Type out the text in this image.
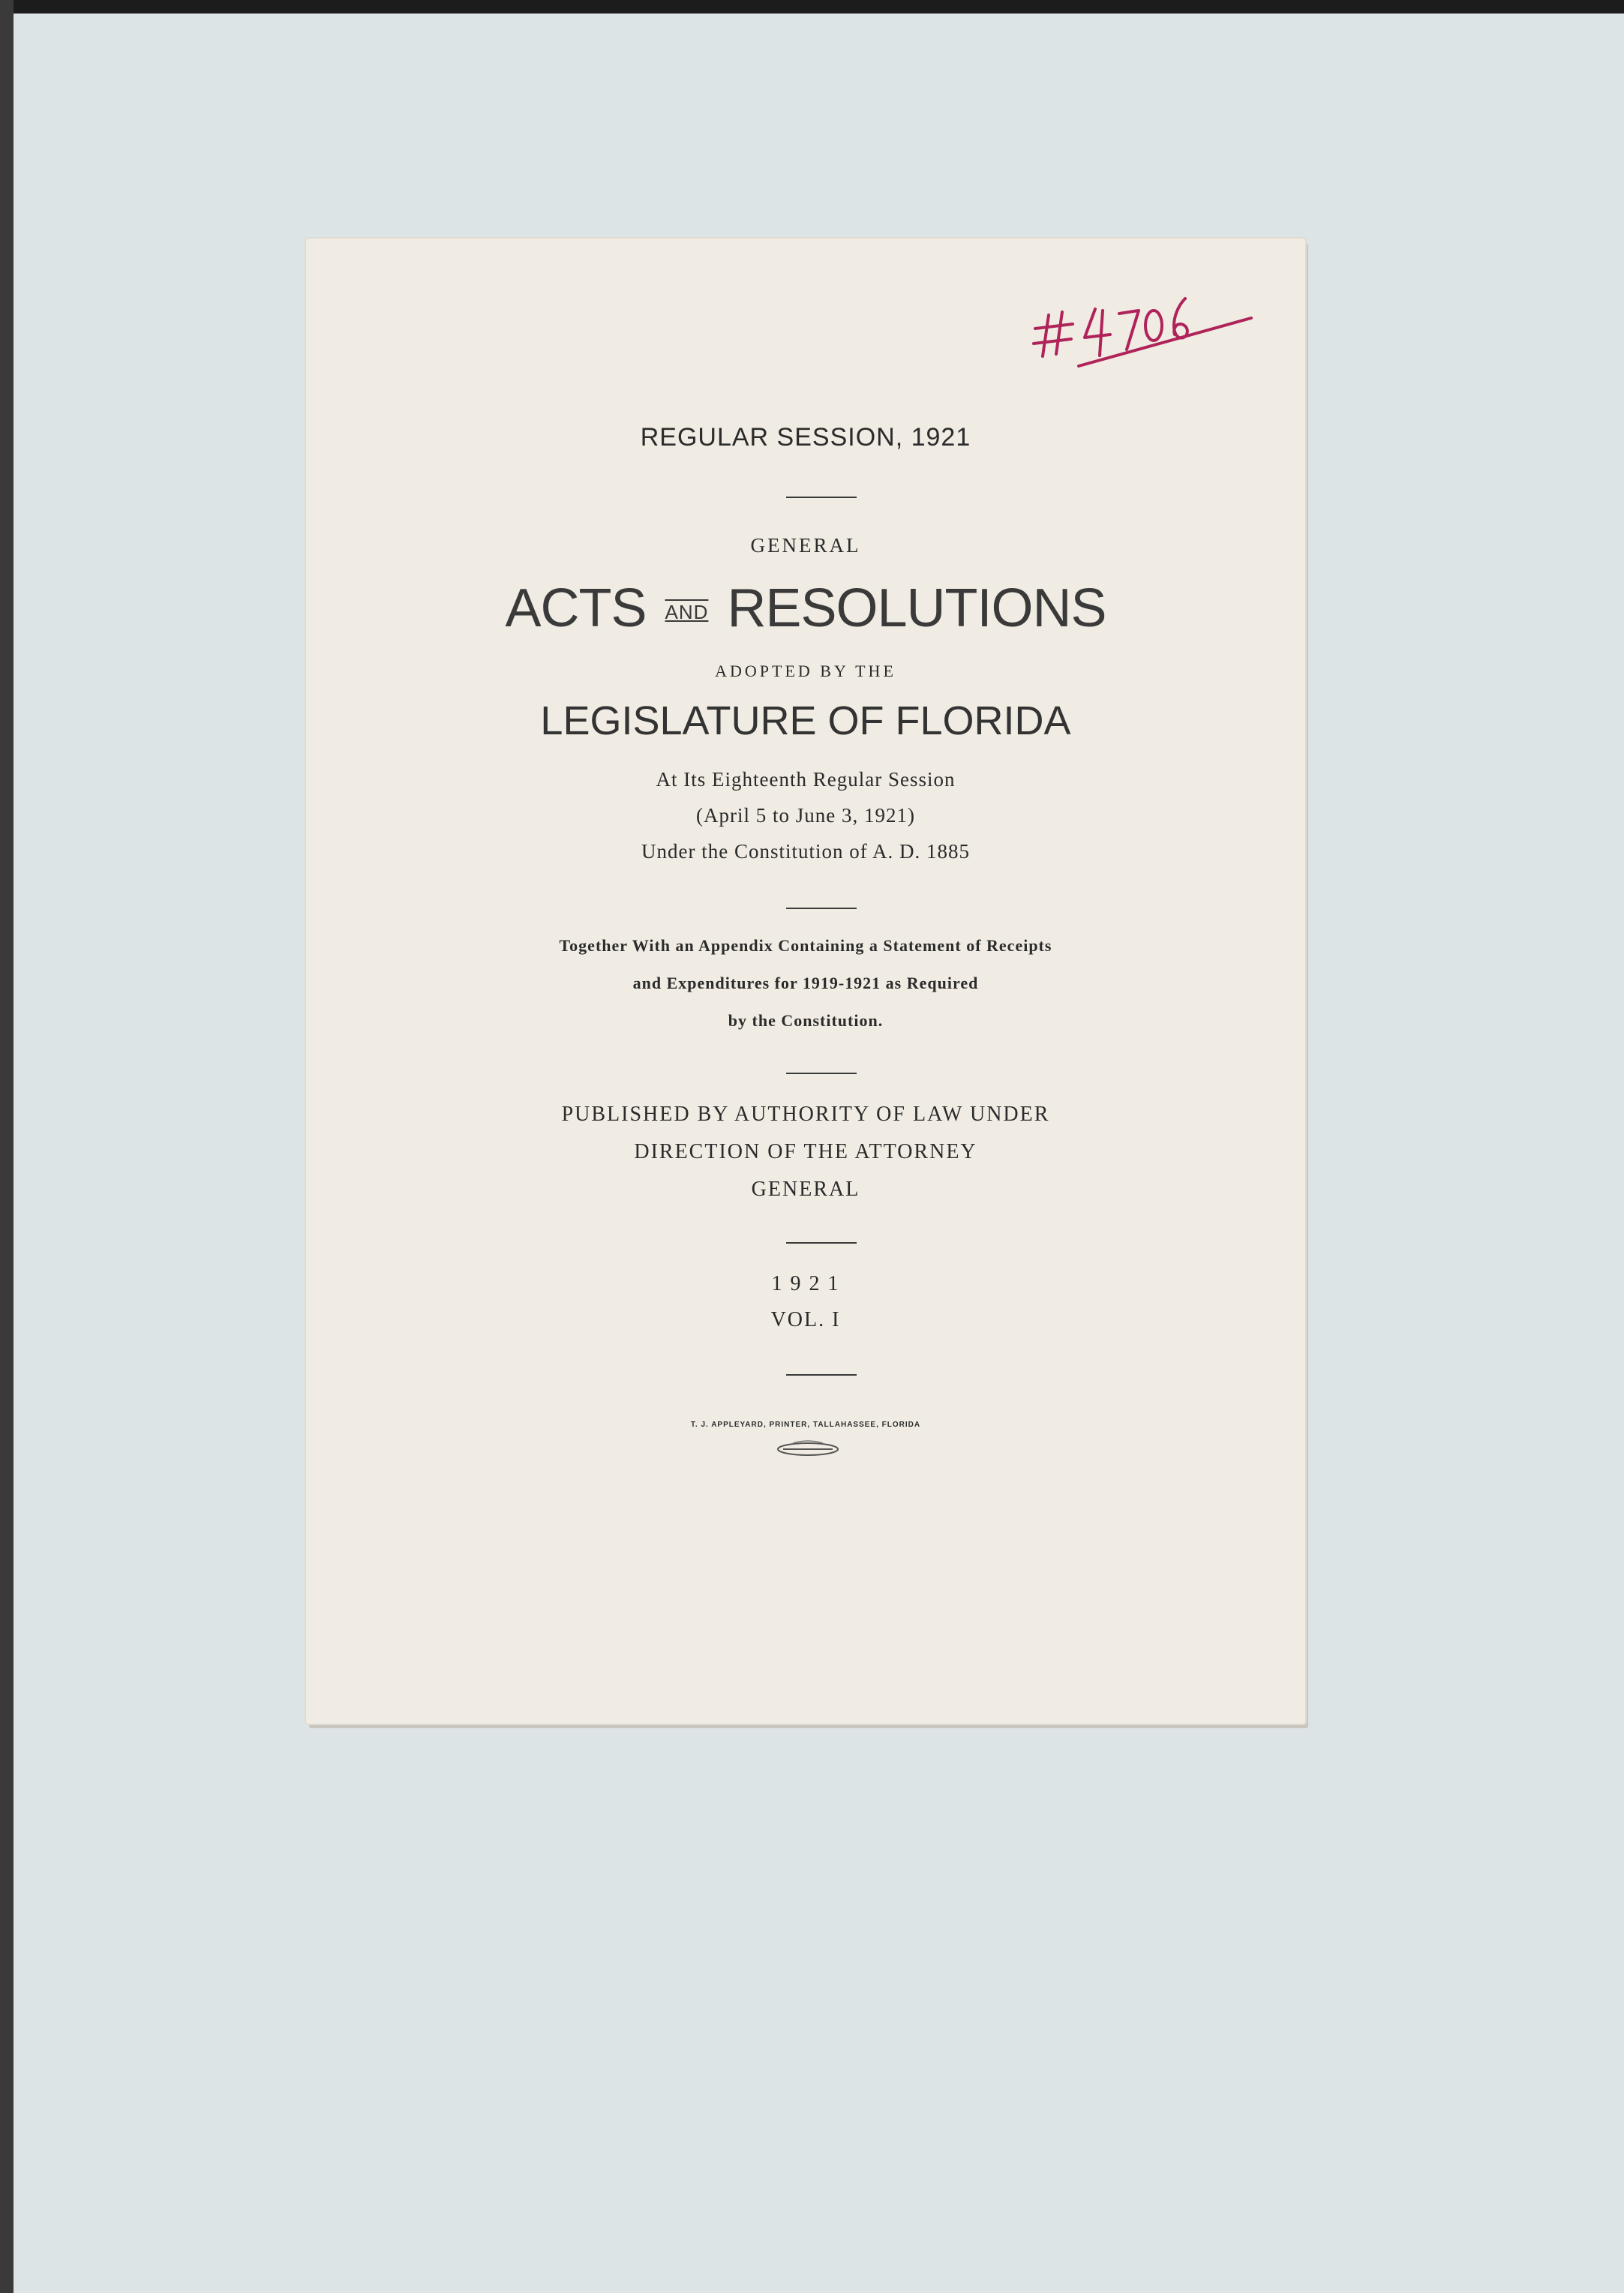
REGULAR SESSION, 1921
GENERAL
ACTS AND RESOLUTIONS
ADOPTED BY THE
LEGISLATURE OF FLORIDA
At Its Eighteenth Regular Session
(April 5 to June 3, 1921)
Under the Constitution of A. D. 1885
Together With an Appendix Containing a Statement of Receipts
and Expenditures for 1919-1921 as Required
by the Constitution.
PUBLISHED BY AUTHORITY OF LAW UNDER
DIRECTION OF THE ATTORNEY
GENERAL
1 9 2 1
VOL. I
T. J. APPLEYARD, PRINTER, TALLAHASSEE, FLORIDA
